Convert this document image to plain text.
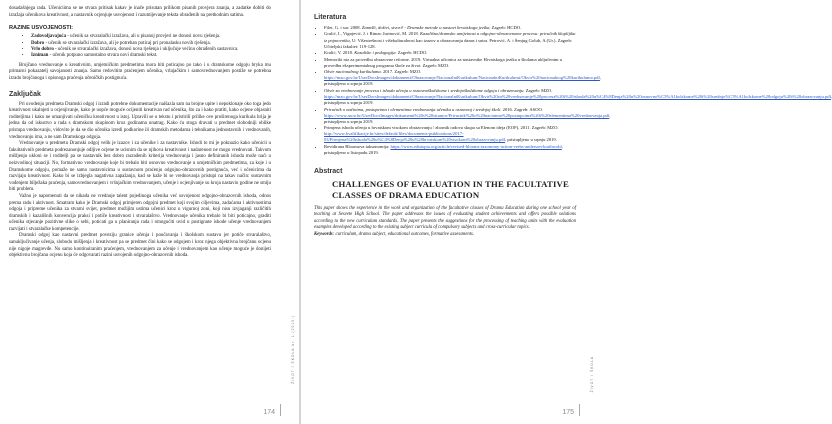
dosadašnjega rada. Učeniciima se ne stvara pritisak kakav je inače prisutan prilikom pisanih provjera znanja, a zadatke dobiti do izražaja učenikova kreativnost, a nastavnik ocjenjuje usvojenost i razumijevanje teksta obrađenih na prethodnim satima.

RAZINE USVOJENOSTI:
• Zadovoljavajuća - učenik sa stvaralački izražava, ali u pisanoj provjeri ne donosi novu rješenja.
• Dobro - učenik se stvaralački izražava, ali je potreban poticaj pri pronalasku novih rješenja.
• Vrlo dobro - učenik se stvaralački izražava, donosi nova rješenja i uključuje većinu obrađenih sastavnica.
• Izniman - učenik potpuno samostalno stvara novi dramski tekst.

Brojčano vrednovanje u kreativnim, umjetničkim predmetima mora biti poticajno po tako i u dramskome odgoju bryka mu primarni pokazatelj savojanosti znanja. Samo redovitim praćenjem učenika, vrlajačkim i samovrednovanjem postiže se potrebna izradu brojčanoga i opisnoga praćenja učeničkih postignuća.

Zaključak

Pri uvodenju predmeta Dramski odgoj i izradi potrebne dokumentacije naišazla sam na brojne upite i nepoklonaje oko toga jedo kreativnost ukalnjeti u ocjenjivanje, kako je uopće moguće ocijeniti kreativan rad učenika, što za i kako pratiti, kako ocjene objasniti roditeljima i kako ne umanjivati učeničku kreativnost u istoj. Upravili se u tekstu i pristirili prilike ove proširenoga kurikula hrija je jedna da od iskustvo a rada s dramskom skupinom kroz godinama unatrag. Kako ću stoga dravati u predmet slobodniji oblike pristupa vrednovanju, vidovito je da se dio učenika izredi podkorine ili dramskih metodama i tehnikama jednostavnih i vrednovanih, vrednovanju ima, a ne sam Dramskoga odgoja.

Vrednovanje u predmetu Dramski odgoj velik je izazov i za učenike i za nastavnike. Ishodi to mi je poknazio kako učenicii u fakultativnih predmeta podrezanonjuje odljive ocjene te ucisnim da se njihova kreativnost i nadarenost ne mogu vrednovati. Takvom mišljenju ukloni se i roditelji pa se nastavnik bez dobro razrađenih kriterija vrednovanja i jasno definiranih ishoda može naći u neizvodinoj situaciji. No, formativno vrednovanje koje bi trebalo biti osnovno vrednovanje u umjetničkim predmetima, za koje i u Dramskome odgoju, pomaže ne samo nastavnicima u sustavnom praćenju odgojno-obrazovnih postignuća, već i učenicima da razvijaju kreativnost. Kako bi se izbjegla nagativna zapažanja, kad se kaže bi se vrednovanja pristupi na takav način: sustavnim vođenjem bilježaka praćenja, samovrednovanjem i vršnjačkim vrednovanjem, učenje i ocjenjivanje su kroja nastavio godine ne smiju biti problem.

Važno je napomenuti da se nikada ne vrednuje talent pojedinoga učenika već usvojenost odgojno-obrazovnih ishoda, odnos prema radu i aktivnost. Smatram kako je Dramski odgoj primjeren odgojni predmet koji svojim ciljevima, zadaćama i aktivnostima odgoja i pripreme učenika za stvarni svijet, predmet možijim ustima učenici kroz u vigurnoj zoni, koji nisu izvjaganji različitih dramskih i kazališnih konvencija praksi i potiče kreativnost i stvaralaštvo. Vrednovanje učenika trebalo bi biti poticajno, graditi učenika stjecanje pozitivne slike o sebi, poticati ga u planiranju rada i omogućiti uvid u postignute ishode učenje vrednovanjem razvijati i stvaralačke kompetencije.

Dramski odgoj kao nastavni predmet poveziju granice učenja i poučavanja i školskom sustavu jer potiče stvaralaštvo, sanuključivanje učenja, slobodu mišljenja i kreativnost pa se predmet čini kako se odgojem i kroz njega objektivna brojčanu ocjenu nije nigoje magrevđe. No samo kontinuiranim praćenjem, vrednovanjem za učenje i vrednovanjem kao učenje moguće je donijeti objektivnu brojčanu ocjenu koja će odgovarati razini usvojenih odgojno-obrazovnih ishoda.

ŽIVOT I ŠKOLA br. 1 (2019.)
174
Literatura
• Filet, G. i sur. 2008. Zamišli, doživi, stvori! - Dramske metode u nastavi hrvatskoga jezika. Zagreb: HCDO.
• Grulić, I., Vignjević, J. i Rimac Jurinović, M. 2018. Kazališno/dramsko umijetnost u odgojno-obrazovnome procesu: priručnik kluplijiku iz pojmovnika, U: Višestrešnost i višekulturalnost kao izazov u obrazovanju danas i sutra. Petrović, A. i Šenjug Golub, A.(Ur.). Zagreb: Učiteljski fakultet: 119-128.
• Kralić, V. 2018. Kazalište i pedagogija. Zagreb: HCDO.
• Memoriki niz za provedbu obrazovne reforme. 2019. Virtualna učionica za nastavnike Hrvatskoga jezika u školama uključenim u provedbu eksperimentalnog programa škole za život. Zagreb: MZO.
• Okvir nacionalnog kurikuluma. 2017. Zagreb: MZO. https://mzo.gov.hr/UserDocsImages/dokumenti/Obrazovanje/NacionalniKurikulum/NacionalniKurikulumi/Okvir%20nacionalnog%20kurikuluma.pdf, pristupljeno u srpnju 2019.
• Okvir za vrednovanje procesa i ishoda učenja u osnovnoškolskome i srednjoškolskome odgoju i obrazovanju. Zagreb: MZO. https://mzo.gov.hr/UserDocsImages/dokumenti/Obrazovanje/NacionalniKurikulum/Okvir%20za%20vrednovanje%20procesa%20i%20ishoda%20u%C4%8Denja%20u%20osnovno%C5%A1kolskome%20i%20srednjo%C5%A1kolskome%20odgoju%20i%20obrazovanju.pdf pristupljeno u srpnju 2019.
• Prirućnik o načinima, postupcima i elementima vrednovanja učenika u osnovnoj i srednjoj školi. 2016. Zagreb: ASOO. https://www.asoo.hr/UserDocsImages/dokumenti%20s%20stranice/Prirucnik%20o%20nacinima%20postupcima%20i%20elementima%20vrednovanja.pdf, pristupljeno u srpnju 2019.
• Primjena ishoda učenja u hrvatskom visokom obrazovanju / zbornik radova skupa sa Elenom ideja (EOF), 2011. Zagreb: MZO. http://www.kvalifikacije.hr/sites/default/files/documents-publications/2017-03/Primjena%20ishoda%20u%C4%8Denja%20u%20hrvatskom%20visokom%20obrazovanju.pdf, pristupljeno u srpnju 2019.
• Revidirana Bloomova taksonomija: https://www.edutopia.org/article/revised-blooms-taxonomy-action-verbs-anderson-krathwohl, pristupljeno u listopadu 2019.
Abstract
CHALLENGES OF EVALUATION IN THE FACULTATIVE CLASSES OF DRAMA EDUCATION

This paper shows the experience in the work and organization of the facultative classes of Drama Education during one school year of teaching at Sesvete High School. The paper addresses the issues of evaluating student achievements and offers possible solutions according to the new curriculum standards. The paper presents the suggestions for the processing of teaching units with the evaluation examples developed according to the existing subject curricula of compulsory subjects and cross-curricular topics.

Keywords: curriculum, drama subject, educational outcomes, formative assessments.

ŽIVOT I ŠKOLA
175
